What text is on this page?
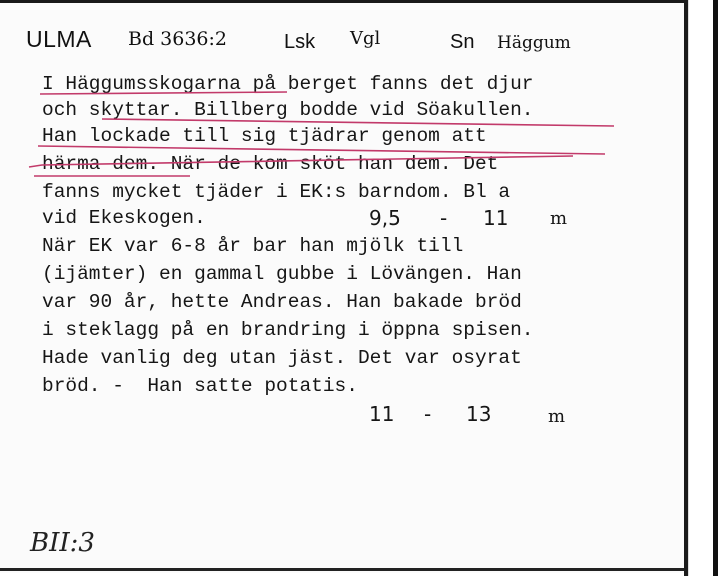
ULMA Bd 3636:2	Lsk Vgl	Sn Häggum
I Häggumsskogarna på berget fanns det djur
och skyttar. Billberg bodde vid Söakullen.
Han lockade till sig tjädrar genom att
härma dem. När de kom sköt han dem. Det
fanns mycket tjäder i EK:s barndom. Bl a
vid Ekeskogen.
När EK var 6-8 år bar han mjölk till
(ijämter) en gammal gubbe i Lövängen. Han
var 90 år, hette Andreas. Han bakade bröd
i steklagg på en brandring i öppna spisen.
Hade vanlig deg utan jäst. Det var osyrat
bröd. -  Han satte potatis.
9,5 - 11 m
11 - 13	m
BII:3
